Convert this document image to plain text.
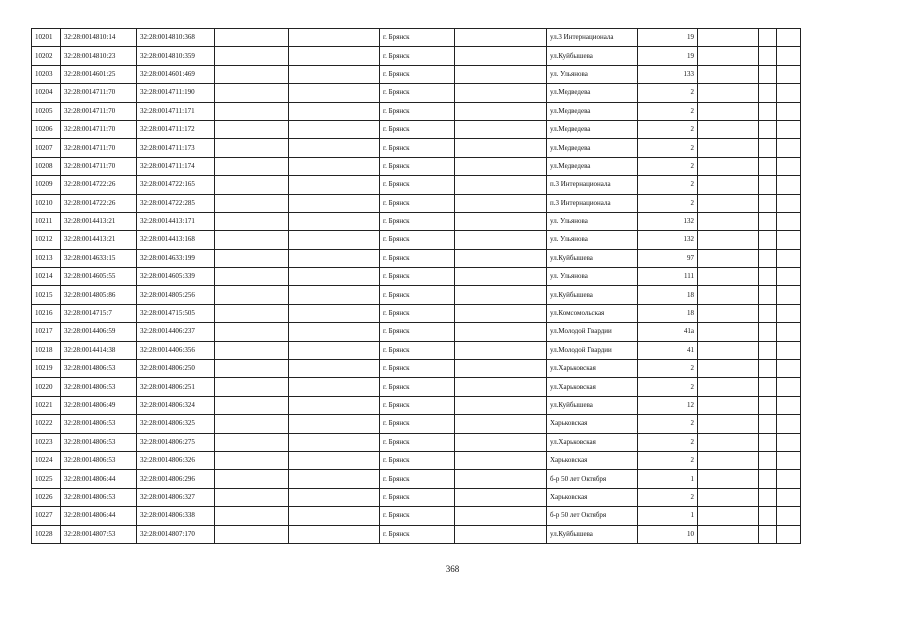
10201	32:28:0014810:14	32:28:0014810:368			г. Брянск		ул.3 Интернационала	19			
10202	32:28:0014810:23	32:28:0014810:359			г. Брянск		ул.Куйбышева	19			
10203	32:28:0014601:25	32:28:0014601:469			г. Брянск		ул. Ульянова	133			
10204	32:28:0014711:70	32:28:0014711:190			г. Брянск		ул.Медведева	2			
10205	32:28:0014711:70	32:28:0014711:171			г. Брянск		ул.Медведева	2			
10206	32:28:0014711:70	32:28:0014711:172			г. Брянск		ул.Медведева	2			
10207	32:28:0014711:70	32:28:0014711:173			г. Брянск		ул.Медведева	2			
10208	32:28:0014711:70	32:28:0014711:174			г. Брянск		ул.Медведева	2			
10209	32:28:0014722:26	32:28:0014722:165			г. Брянск		п.3 Интернационала	2			
10210	32:28:0014722:26	32:28:0014722:285			г. Брянск		п.3 Интернационала	2			
10211	32:28:0014413:21	32:28:0014413:171			г. Брянск		ул. Ульянова	132			
10212	32:28:0014413:21	32:28:0014413:168			г. Брянск		ул. Ульянова	132			
10213	32:28:0014633:15	32:28:0014633:199			г. Брянск		ул.Куйбышева	97			
10214	32:28:0014605:55	32:28:0014605:339			г. Брянск		ул. Ульянова	111			
10215	32:28:0014805:86	32:28:0014805:256			г. Брянск		ул.Куйбышева	18			
10216	32:28:0014715:7	32:28:0014715:505			г. Брянск		ул.Комсомольская	18			
10217	32:28:0014406:59	32:28:0014406:237			г. Брянск		ул.Молодой Гвардии	41а			
10218	32:28:0014414:38	32:28:0014406:356			г. Брянск		ул.Молодой Гвардии	41			
10219	32:28:0014806:53	32:28:0014806:250			г. Брянск		ул.Харьковская	2			
10220	32:28:0014806:53	32:28:0014806:251			г. Брянск		ул.Харьковская	2			
10221	32:28:0014806:49	32:28:0014806:324			г. Брянск		ул.Куйбышева	12			
10222	32:28:0014806:53	32:28:0014806:325			г. Брянск		Харьковская	2			
10223	32:28:0014806:53	32:28:0014806:275			г. Брянск		ул.Харьковская	2			
10224	32:28:0014806:53	32:28:0014806:326			г. Брянск		Харьковская	2			
10225	32:28:0014806:44	32:28:0014806:296			г. Брянск		б-р 50 лет Октября	1			
10226	32:28:0014806:53	32:28:0014806:327			г. Брянск		Харьковская	2			
10227	32:28:0014806:44	32:28:0014806:338			г. Брянск		б-р 50 лет Октября	1			
10228	32:28:0014807:53	32:28:0014807:170			г. Брянск		ул.Куйбышева	10			
368
